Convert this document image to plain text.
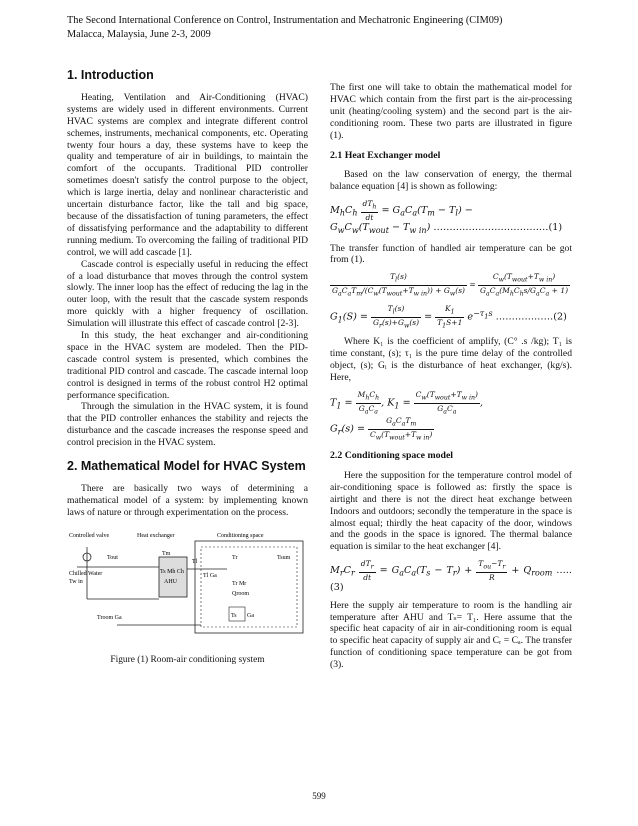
The Second International Conference on Control, Instrumentation and Mechatronic Engineering (CIM09)
Malacca, Malaysia, June 2-3, 2009
1. Introduction

Heating, Ventilation and Air-Conditioning (HVAC) systems are widely used in different environments. Current HVAC systems are complex and integrate different control schemes, instruments, mechanical components, etc. Operating twenty four hours a day, these systems have to keep the quality and temperature of air in buildings, to maintain the comfort of the occupants. Traditional PID controller sometimes doesn't satisfy the control purpose to the object, which is large inertia, delay and nonlinear characteristic and uncertain disturbance factor, like the tall and big space, because of the dissatisfaction of tuning parameters, the effect of dissatisfying performance and the adaptability to different running medium. To overcoming the failing of traditional PID control, we will add cascade [1].

Cascade control is especially useful in reducing the effect of a load disturbance that moves through the control system slowly. The inner loop has the effect of reducing the lag in the outer loop, with the result that the cascade system responds more quickly with a higher frequency of oscillation. Simulation will illustrate this effect of cascade control [2-3].

In this study, the heat exchanger and air-conditioning space in the HVAC system are modeled. Then the PID-cascade control system is presented, which combines the traditional PID control and cascade. The cascade internal loop control is designed in terms of the robust control H2 optimal performance specification.

Through the simulation in the HVAC system, it is found that the PID controller enhances the stability and rejects the disturbance and the cascade increases the response speed and control precision in the HVAC system.

2. Mathematical Model for HVAC System

There are basically two ways of determining a mathematical model of a system: by implementing known laws of nature or through experimentation on the process.

Controlled valve	Heat exchanger	Conditioning space
Chilled Water
Tw in
Tout
Tm
Tl
Tr	Tsum
AHU
Ts Mh Ch
Tl Ga
Tr Mr
Qroom
Troom Ga	Ts Ga

Figure (1) Room-air conditioning system

The first one will take to obtain the mathematical model for HVAC which contain from the first part is the air-processing unit (heating/cooling system) and the second part is the air-conditioning room. These two parts are illustrated in figure (1).

2.1 Heat Exchanger model

Based on the law conservation of energy, the thermal balance equation [4] is shown as following:

$M_hC_h \frac{dT_h}{dt} = G_aC_a(T_m - T_l)$ −
$G_wC_w(T_{wout} - T_{w in})$ ………………………………(1)

The transfer function of handled air temperature can be got from (1).

$\frac{T_l(s)}{G_aC_aT_m/(C_w(T_{wout}+T_{w in})) + G_w(s)} = \frac{C_w(T_{wout}+T_{w in})}{G_aC_a(M_hC_hs/G_aC_a + 1)}$
$G_1(S) = \frac{T_l(s)}{G_r(s)+G_w(s)} = \frac{K_1}{T_1S+1} e^{-\tau_1s}$ ………………(2)

Where K₁ is the coefficient of amplify, (C° .s /kg); T₁ is time constant, (s); τ₁ is the pure time delay of the controlled object, (s); Gᵢ is the disturbance of heat exchanger, (kg/s). Here,

$T_1 = \frac{M_hC_h}{G_aC_a}$ , $K_1 = \frac{C_w(T_{wout}+T_{w in})}{G_aC_a}$ ,
$G_r(s) = \frac{G_aC_aT_m}{C_w(T_{wout}+T_{w in})}$
2.2 Conditioning space model

Here the supposition for the temperature control model of air-conditioning space is followed as: firstly the space is airtight and there is not the direct heat exchange between Indoors and outdoors; secondly the temperature in the space is almost equal; thirdly the heat capacity of the door, windows and the goods in the space is ignored. The thermal balance equation is similar to the heat exchanger [4].

$M_rC_r \frac{dT_r}{dt} = G_aC_a(T_s - T_r) + \frac{T_{ou}-T_r}{R} + Q_{room}$ ….. (3)

Here the supply air temperature to room is the handling air temperature after AHU and Tₛ= T₁. Here assume that the specific heat capacity of air in air-conditioning room is equal to specific heat capacity of supply air and Cᵣ = Cₐ. The transfer function of conditioning space temperature can be got from (3).

599
